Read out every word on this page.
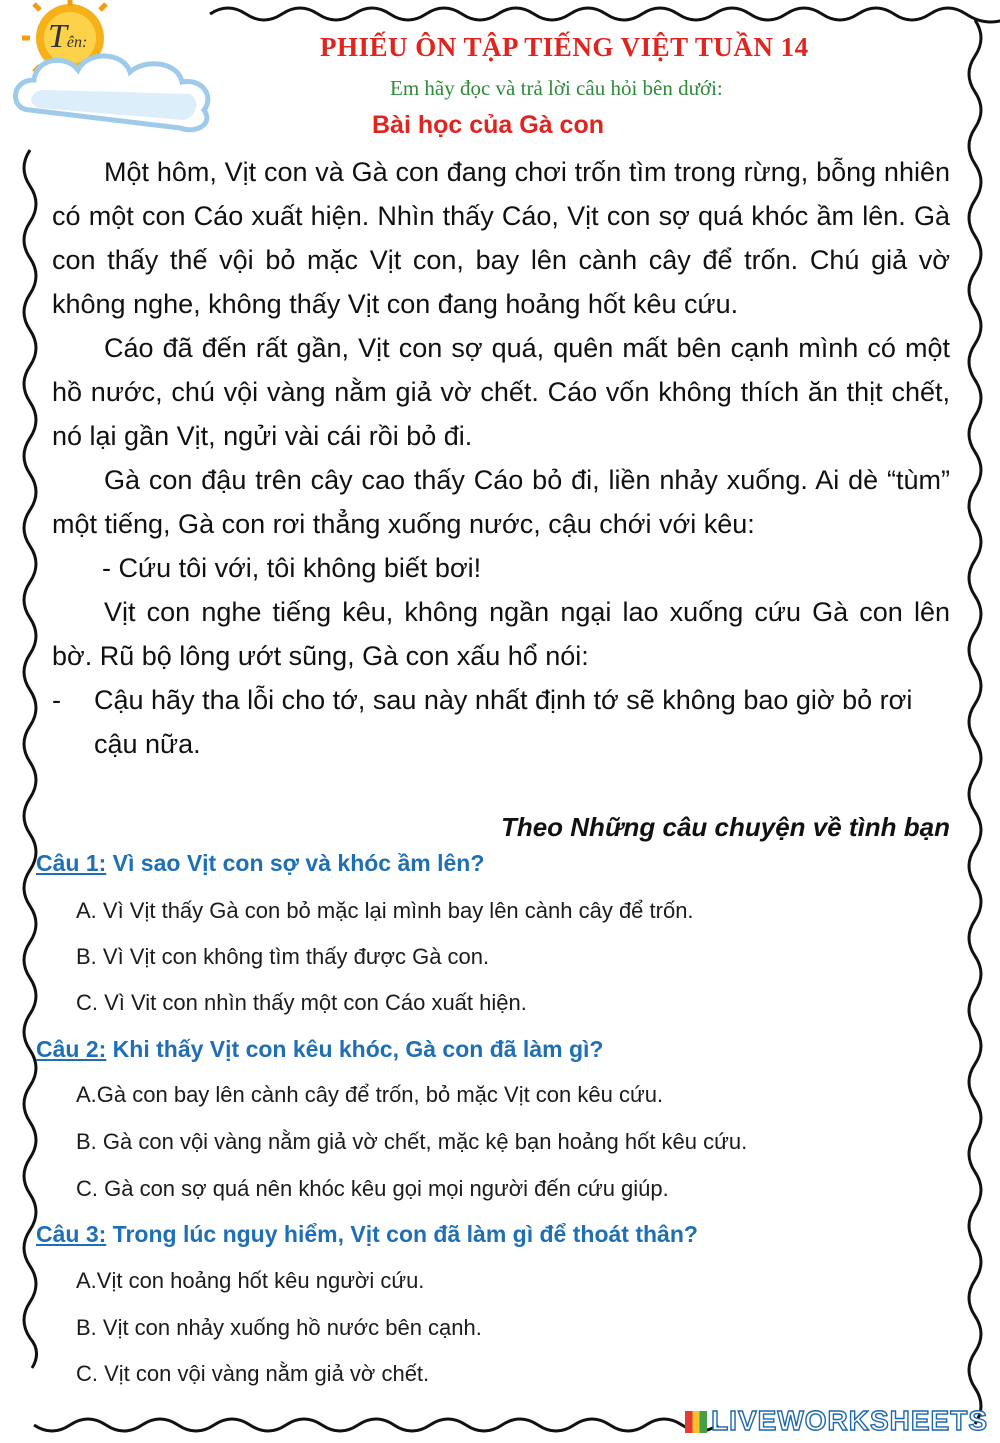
Tên:	PHIẾU ÔN TẬP TIẾNG VIỆT TUẦN 14
Em hãy đọc và trả lời câu hỏi bên dưới:
Bài học của Gà con

Một hôm, Vịt con và Gà con đang chơi trốn tìm trong rừng, bỗng nhiên có một con Cáo xuất hiện. Nhìn thấy Cáo, Vịt con sợ quá khóc ầm lên. Gà con thấy thế vội bỏ mặc Vịt con, bay lên cành cây để trốn. Chú giả vờ không nghe, không thấy Vịt con đang hoảng hốt kêu cứu.

Cáo đã đến rất gần, Vịt con sợ quá, quên mất bên cạnh mình có một hồ nước, chú vội vàng nằm giả vờ chết. Cáo vốn không thích ăn thịt chết, nó lại gần Vịt, ngửi vài cái rồi bỏ đi.

Gà con đậu trên cây cao thấy Cáo bỏ đi, liền nhảy xuống. Ai dè “tùm” một tiếng, Gà con rơi thẳng xuống nước, cậu chới với kêu:

- Cứu tôi với, tôi không biết bơi!

Vịt con nghe tiếng kêu, không ngần ngại lao xuống cứu Gà con lên bờ. Rũ bộ lông ướt sũng, Gà con xấu hổ nói:

-	Cậu hãy tha lỗi cho tớ, sau này nhất định tớ sẽ không bao giờ bỏ rơi cậu nữa.
Theo Những câu chuyện về tình bạn
Câu 1: Vì sao Vịt con sợ và khóc ầm lên?
A. Vì Vịt thấy Gà con bỏ mặc lại mình bay lên cành cây để trốn.
B. Vì Vịt con không tìm thấy được Gà con.
C. Vì Vit con nhìn thấy một con Cáo xuất hiện.
Câu 2: Khi thấy Vịt con kêu khóc, Gà con đã làm gì?
A.Gà con bay lên cành cây để trốn, bỏ mặc Vịt con kêu cứu.
B. Gà con vội vàng nằm giả vờ chết, mặc kệ bạn hoảng hốt kêu cứu.
C. Gà con sợ quá nên khóc kêu gọi mọi người đến cứu giúp.
Câu 3: Trong lúc nguy hiểm, Vịt con đã làm gì để thoát thân?
A.Vịt con hoảng hốt kêu người cứu.
B. Vịt con nhảy xuống hồ nước bên cạnh.
C. Vịt con vội vàng nằm giả vờ chết.
LIVEWORKSHEETS
